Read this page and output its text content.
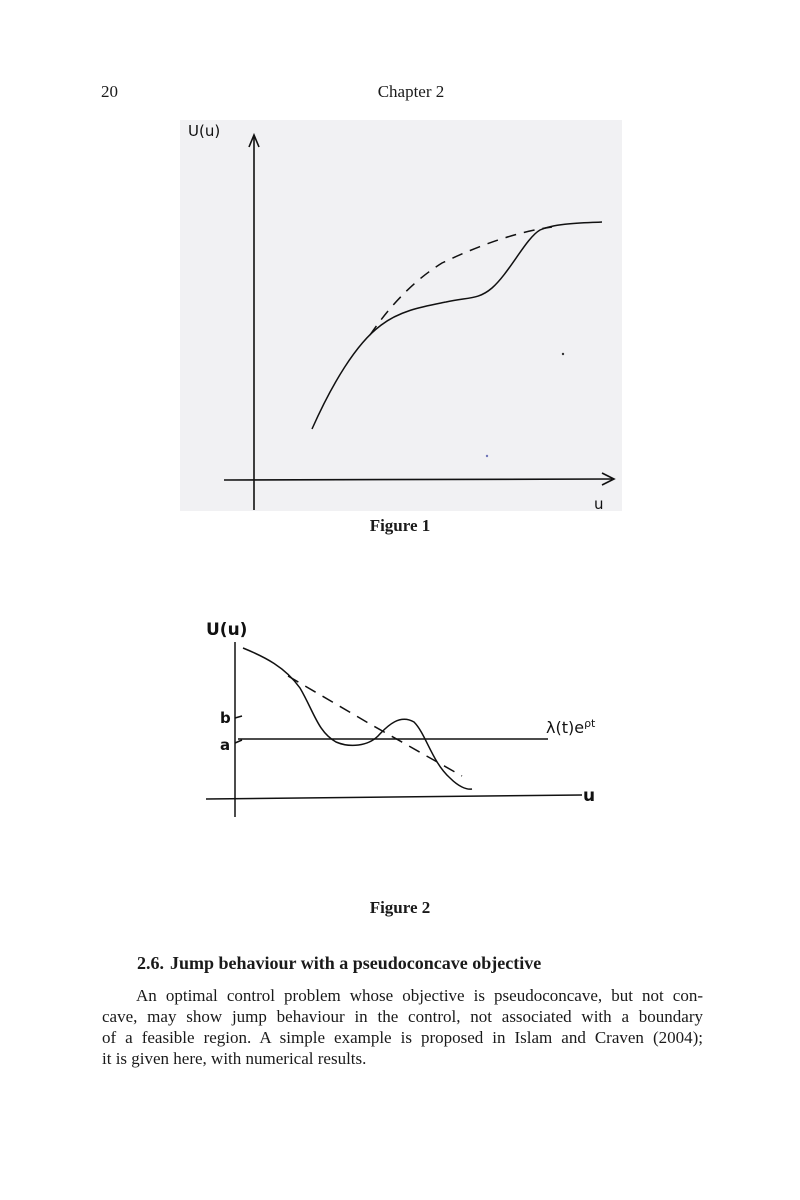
20	Chapter 2
U(u)
u
Figure 1
U(u)
b
a
u
$\lambda(t)e^{\rho t}$
Figure 2
2.6. Jump behaviour with a pseudoconcave objective
An optimal control problem whose objective is pseudoconcave, but not con-
cave, may show jump behaviour in the control, not associated with a boundary
of a feasible region. A simple example is proposed in Islam and Craven (2004);
it is given here, with numerical results.
